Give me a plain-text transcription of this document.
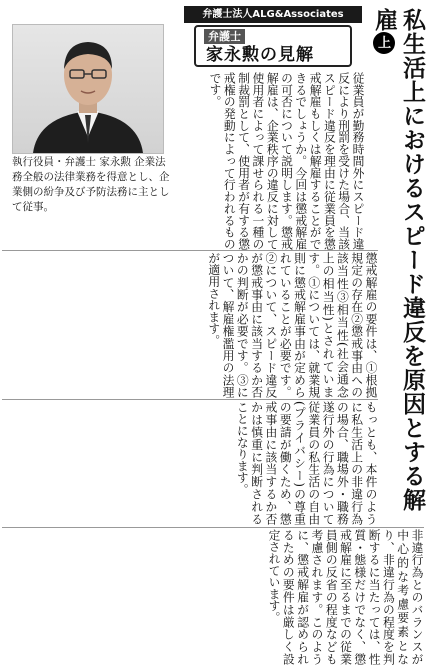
弁護士法人ALG&Associates
弁護士
家永勲の見解
執行役員・弁護士 家永勲 企業法務全般の法律業務を得意とし、企業側の紛争及び予防法務に主として従事。	私生活上におけるスピード違反を原因とする解雇上
従業員が勤務時間外にスピード違反により刑罰を受けた場合、当該スピード違反を理由に従業員を懲戒解雇もしくは解雇することができるでしょうか。今回は懲戒解雇の可否について説明します。懲戒解雇は、企業秩序の違反に対して使用者によって課せられる一種の制裁罰として、使用者が有する懲戒権の発動によって行われるものです。
懲戒解雇の要件は、①根拠規定の存在②懲戒事由への該当性③相当性(社会通念上の相当性)とされています。①については、就業規則に懲戒解雇事由が定められていることが必要です。②について、スピード違反が懲戒事由に該当するか否かの判断が必要です。③について、解雇権濫用の法理が適用されます。
もっとも、本件のように私生活上の非違行為の場合、職場外・職務遂行外の行為について従業員の私生活の自由(プライバシー)の尊重の要請が働くため、懲戒事由に該当するか否かは慎重に判断されることになります。
非違行為とのバランスが中心的な考慮要素となり、非違行為の程度を判断するに当たっては、性質・態様だけでなく、懲戒解雇に至るまでの従業員側の反省の程度なども考慮されます。このように、懲戒解雇が認められるための要件は厳しく設定されています。
